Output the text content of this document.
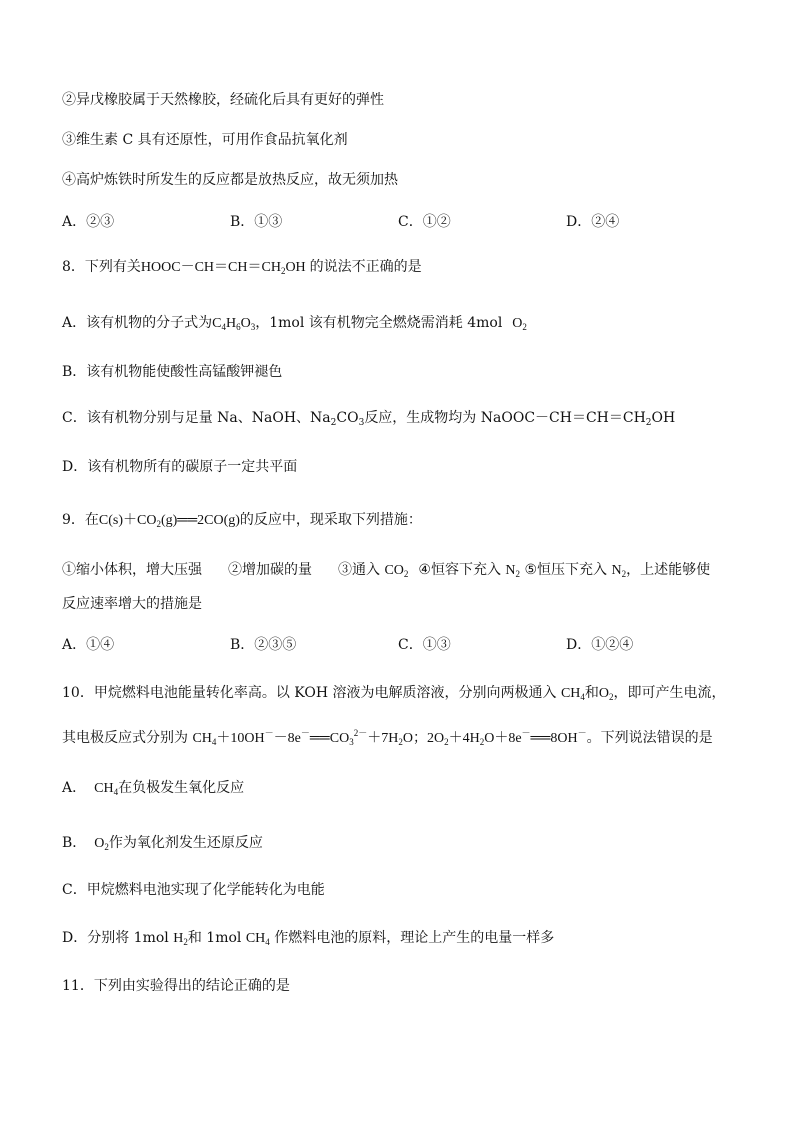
②异戊橡胶属于天然橡胶，经硫化后具有更好的弹性
③维生素 C 具有还原性，可用作食品抗氧化剂
④高炉炼铁时所发生的反应都是放热反应，故无须加热
A．②③	B．①③	C．①②	D．②④
8．下列有关$HOOC-CH=CH=CH_2OH$ 的说法不正确的是
A．该有机物的分子式为$C_4H_6O_3$，1mol 该有机物完全燃烧需消耗 4mol $O_2$
B．该有机物能使酸性高锰酸钾褪色
C．该有机物分别与足量 Na、NaOH、$Na_2CO_3$反应，生成物均为 $NaOOC-CH=CH=CH_2OH$
D．该有机物所有的碳原子一定共平面
9．在$C(s)+CO_2(g)══2CO(g)$的反应中，现采取下列措施：
①缩小体积，增大压强 ②增加碳的量 ③通入 $CO_2$ ④恒容下充入 $N_2$ ⑤恒压下充入 $N_2$，上述能够使
反应速率增大的措施是
A．①④	B．②③⑤	C．①③	D．①②④
10．甲烷燃料电池能量转化率高。以 KOH 溶液为电解质溶液，分别向两极通入 $CH_4$和$O_2$，即可产生电流，
其电极反应式分别为 $CH_4+10OH^--8e^-══CO_3^{2-}+7H_2O$；$2O_2+4H_2O+8e^-══8OH^-$。下列说法错误的是
A． $CH_4$在负极发生氧化反应
B． $O_2$作为氧化剂发生还原反应
C．甲烷燃料电池实现了化学能转化为电能
D．分别将 1mol $H_2$和 1mol $CH_4$ 作燃料电池的原料，理论上产生的电量一样多
11．下列由实验得出的结论正确的是
